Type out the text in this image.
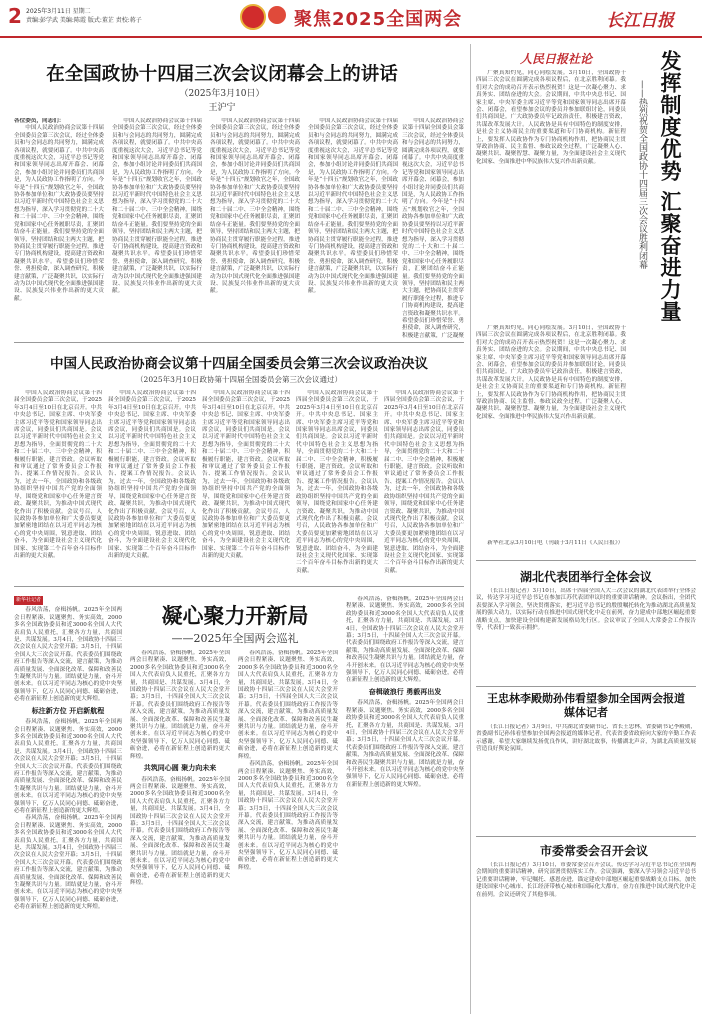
2 2025年3月11日 星期二
责编:彭学武 美编:陈霞 版式:董芷 责校:蒋子	聚焦2025全国两会	长江日报
在全国政协十四届三次会议闭幕会上的讲话
（2025年3月10日）
王沪宁

各位委员，同志们：

中国人民政治协商会议第十四届全国委员会第三次会议，经过全体委员和与会同志的共同努力，圆满完成各项议程，就要闭幕了。中共中央高度重视这次大会，习近平总书记等党和国家领导同志出席开幕会、闭幕会，参加小组讨论并同委员们共商国是，为人民政协工作指明了方向。今年是“十四五”规划收官之年，全国政协各参加单位和广大政协委员要坚持以习近平新时代中国特色社会主义思想为指导，深入学习贯彻党的二十大和二十届二中、三中全会精神，围绕党和国家中心任务履职尽责，汇聚团结奋斗正能量。我们要坚持党的全面领导，坚持团结和民主两大主题，把协商民主贯穿履行职能全过程，推进专门协商机构建设，提高建言资政和凝聚共识水平。希望委员们珍惜荣誉、勇担使命，深入调查研究，积极建言献策，广泛凝聚共识，以实际行动为以中国式现代化全面推进强国建设、民族复兴伟业作出新的更大贡献。

中国人民政治协商会议第十四届全国委员会第三次会议，经过全体委员和与会同志的共同努力，圆满完成各项议程，就要闭幕了。中共中央高度重视这次大会，习近平总书记等党和国家领导同志出席开幕会、闭幕会，参加小组讨论并同委员们共商国是，为人民政协工作指明了方向。今年是“十四五”规划收官之年，全国政协各参加单位和广大政协委员要坚持以习近平新时代中国特色社会主义思想为指导，深入学习贯彻党的二十大和二十届二中、三中全会精神，围绕党和国家中心任务履职尽责，汇聚团结奋斗正能量。我们要坚持党的全面领导，坚持团结和民主两大主题，把协商民主贯穿履行职能全过程，推进专门协商机构建设，提高建言资政和凝聚共识水平。希望委员们珍惜荣誉、勇担使命，深入调查研究，积极建言献策，广泛凝聚共识，以实际行动为以中国式现代化全面推进强国建设、民族复兴伟业作出新的更大贡献。

中国人民政治协商会议第十四届全国委员会第三次会议，经过全体委员和与会同志的共同努力，圆满完成各项议程，就要闭幕了。中共中央高度重视这次大会，习近平总书记等党和国家领导同志出席开幕会、闭幕会，参加小组讨论并同委员们共商国是，为人民政协工作指明了方向。今年是“十四五”规划收官之年，全国政协各参加单位和广大政协委员要坚持以习近平新时代中国特色社会主义思想为指导，深入学习贯彻党的二十大和二十届二中、三中全会精神，围绕党和国家中心任务履职尽责，汇聚团结奋斗正能量。我们要坚持党的全面领导，坚持团结和民主两大主题，把协商民主贯穿履行职能全过程，推进专门协商机构建设，提高建言资政和凝聚共识水平。希望委员们珍惜荣誉、勇担使命，深入调查研究，积极建言献策，广泛凝聚共识，以实际行动为以中国式现代化全面推进强国建设、民族复兴伟业作出新的更大贡献。

中国人民政治协商会议第十四届全国委员会第三次会议，经过全体委员和与会同志的共同努力，圆满完成各项议程，就要闭幕了。中共中央高度重视这次大会，习近平总书记等党和国家领导同志出席开幕会、闭幕会，参加小组讨论并同委员们共商国是，为人民政协工作指明了方向。今年是“十四五”规划收官之年，全国政协各参加单位和广大政协委员要坚持以习近平新时代中国特色社会主义思想为指导，深入学习贯彻党的二十大和二十届二中、三中全会精神，围绕党和国家中心任务履职尽责，汇聚团结奋斗正能量。我们要坚持党的全面领导，坚持团结和民主两大主题，把协商民主贯穿履行职能全过程，推进专门协商机构建设，提高建言资政和凝聚共识水平。希望委员们珍惜荣誉、勇担使命，深入调查研究，积极建言献策，广泛凝聚共识，以实际行动为以中国式现代化全面推进强国建设、民族复兴伟业作出新的更大贡献。

中国人民政治协商会议第十四届全国委员会第三次会议，经过全体委员和与会同志的共同努力，圆满完成各项议程，就要闭幕了。中共中央高度重视这次大会，习近平总书记等党和国家领导同志出席开幕会、闭幕会，参加小组讨论并同委员们共商国是，为人民政协工作指明了方向。今年是“十四五”规划收官之年，全国政协各参加单位和广大政协委员要坚持以习近平新时代中国特色社会主义思想为指导，深入学习贯彻党的二十大和二十届二中、三中全会精神，围绕党和国家中心任务履职尽责，汇聚团结奋斗正能量。我们要坚持党的全面领导，坚持团结和民主两大主题，把协商民主贯穿履行职能全过程，推进专门协商机构建设，提高建言资政和凝聚共识水平。希望委员们珍惜荣誉、勇担使命，深入调查研究，积极建言献策，广泛凝聚

中国人民政治协商会议第十四届全国委员会第三次会议政治决议
（2025年3月10日政协第十四届全国委员会第三次会议通过）

中国人民政治协商会议第十四届全国委员会第三次会议，于2025年3月4日至10日在北京召开。中共中央总书记、国家主席、中央军委主席习近平等党和国家领导同志出席会议，同委员们共商国是。会议以习近平新时代中国特色社会主义思想为指导，全面贯彻党的二十大和二十届二中、三中全会精神，积极履行职能，建言资政。会议听取和审议通过了常务委员会工作报告、提案工作情况报告。会议认为，过去一年，全国政协和各级政协组织坚持中国共产党的全面领导，围绕党和国家中心任务建言资政、凝聚共识，为推动中国式现代化作出了积极贡献。会议号召，人民政协各参加单位和广大委员要更加紧密地团结在以习近平同志为核心的党中央周围，锐意进取、团结奋斗，为全面建设社会主义现代化国家、实现第二个百年奋斗目标作出新的更大贡献。

中国人民政治协商会议第十四届全国委员会第三次会议，于2025年3月4日至10日在北京召开。中共中央总书记、国家主席、中央军委主席习近平等党和国家领导同志出席会议，同委员们共商国是。会议以习近平新时代中国特色社会主义思想为指导，全面贯彻党的二十大和二十届二中、三中全会精神，积极履行职能，建言资政。会议听取和审议通过了常务委员会工作报告、提案工作情况报告。会议认为，过去一年，全国政协和各级政协组织坚持中国共产党的全面领导，围绕党和国家中心任务建言资政、凝聚共识，为推动中国式现代化作出了积极贡献。会议号召，人民政协各参加单位和广大委员要更加紧密地团结在以习近平同志为核心的党中央周围，锐意进取、团结奋斗，为全面建设社会主义现代化国家、实现第二个百年奋斗目标作出新的更大贡献。

中国人民政治协商会议第十四届全国委员会第三次会议，于2025年3月4日至10日在北京召开。中共中央总书记、国家主席、中央军委主席习近平等党和国家领导同志出席会议，同委员们共商国是。会议以习近平新时代中国特色社会主义思想为指导，全面贯彻党的二十大和二十届二中、三中全会精神，积极履行职能，建言资政。会议听取和审议通过了常务委员会工作报告、提案工作情况报告。会议认为，过去一年，全国政协和各级政协组织坚持中国共产党的全面领导，围绕党和国家中心任务建言资政、凝聚共识，为推动中国式现代化作出了积极贡献。会议号召，人民政协各参加单位和广大委员要更加紧密地团结在以习近平同志为核心的党中央周围，锐意进取、团结奋斗，为全面建设社会主义现代化国家、实现第二个百年奋斗目标作出新的更大贡献。

中国人民政治协商会议第十四届全国委员会第三次会议，于2025年3月4日至10日在北京召开。中共中央总书记、国家主席、中央军委主席习近平等党和国家领导同志出席会议，同委员们共商国是。会议以习近平新时代中国特色社会主义思想为指导，全面贯彻党的二十大和二十届二中、三中全会精神，积极履行职能，建言资政。会议听取和审议通过了常务委员会工作报告、提案工作情况报告。会议认为，过去一年，全国政协和各级政协组织坚持中国共产党的全面领导，围绕党和国家中心任务建言资政、凝聚共识，为推动中国式现代化作出了积极贡献。会议号召，人民政协各参加单位和广大委员要更加紧密地团结在以习近平同志为核心的党中央周围，锐意进取、团结奋斗，为全面建设社会主义现代化国家、实现第二个百年奋斗目标作出新的更大贡献。

中国人民政治协商会议第十四届全国委员会第三次会议，于2025年3月4日至10日在北京召开。中共中央总书记、国家主席、中央军委主席习近平等党和国家领导同志出席会议，同委员们共商国是。会议以习近平新时代中国特色社会主义思想为指导，全面贯彻党的二十大和二十届二中、三中全会精神，积极履行职能，建言资政。会议听取和审议通过了常务委员会工作报告、提案工作情况报告。会议认为，过去一年，全国政协和各级政协组织坚持中国共产党的全面领导，围绕党和国家中心任务建言资政、凝聚共识，为推动中国式现代化作出了积极贡献。会议号召，人民政协各参加单位和广大委员要更加紧密地团结在以习近平同志为核心的党中央周围，锐意进取、团结奋斗，为全面建设社会主义现代化国家、实现第二个百年奋斗目标作出新的更大贡献。

新华社记者

春风浩荡，奋楫扬帆。2025年全国两会日程紧凑、议题聚焦、务实高效，2000多名全国政协委员和近3000名全国人大代表肩负人民重托，汇聚各方力量，共商国是、共谋发展。3月4日，全国政协十四届三次会议在人民大会堂开幕；3月5日，十四届全国人大三次会议开幕。代表委员们围绕政府工作报告等深入交流，建言献策，为推动高质量发展、全面深化改革、保障和改善民生凝聚共识与力量。团结就是力量，奋斗开创未来。在以习近平同志为核心的党中央坚强领导下，亿万人民同心同德、砥砺奋进，必将在新征程上创造新的更大辉煌。

标注新方位 开启新航程

春风浩荡，奋楫扬帆。2025年全国两会日程紧凑、议题聚焦、务实高效，2000多名全国政协委员和近3000名全国人大代表肩负人民重托，汇聚各方力量，共商国是、共谋发展。3月4日，全国政协十四届三次会议在人民大会堂开幕；3月5日，十四届全国人大三次会议开幕。代表委员们围绕政府工作报告等深入交流，建言献策，为推动高质量发展、全面深化改革、保障和改善民生凝聚共识与力量。团结就是力量，奋斗开创未来。在以习近平同志为核心的党中央坚强领导下，亿万人民同心同德、砥砺奋进，必将在新征程上创造新的更大辉煌。

春风浩荡，奋楫扬帆。2025年全国两会日程紧凑、议题聚焦、务实高效，2000多名全国政协委员和近3000名全国人大代表肩负人民重托，汇聚各方力量，共商国是、共谋发展。3月4日，全国政协十四届三次会议在人民大会堂开幕；3月5日，十四届全国人大三次会议开幕。代表委员们围绕政府工作报告等深入交流，建言献策，为推动高质量发展、全面深化改革、保障和改善民生凝聚共识与力量。团结就是力量，奋斗开创未来。在以习近平同志为核心的党中央坚强领导下，亿万人民同心同德、砥砺奋进，必将在新征程上创造新的更大辉煌。

凝心聚力开新局
——2025年全国两会巡礼

春风浩荡，奋楫扬帆。2025年全国两会日程紧凑、议题聚焦、务实高效，2000多名全国政协委员和近3000名全国人大代表肩负人民重托，汇聚各方力量，共商国是、共谋发展。3月4日，全国政协十四届三次会议在人民大会堂开幕；3月5日，十四届全国人大三次会议开幕。代表委员们围绕政府工作报告等深入交流，建言献策，为推动高质量发展、全面深化改革、保障和改善民生凝聚共识与力量。团结就是力量，奋斗开创未来。在以习近平同志为核心的党中央坚强领导下，亿万人民同心同德、砥砺奋进，必将在新征程上创造新的更大辉煌。

共筑同心圆 聚力向未来

春风浩荡，奋楫扬帆。2025年全国两会日程紧凑、议题聚焦、务实高效，2000多名全国政协委员和近3000名全国人大代表肩负人民重托，汇聚各方力量，共商国是、共谋发展。3月4日，全国政协十四届三次会议在人民大会堂开幕；3月5日，十四届全国人大三次会议开幕。代表委员们围绕政府工作报告等深入交流，建言献策，为推动高质量发展、全面深化改革、保障和改善民生凝聚共识与力量。团结就是力量，奋斗开创未来。在以习近平同志为核心的党中央坚强领导下，亿万人民同心同德、砥砺奋进，必将在新征程上创造新的更大辉煌。

春风浩荡，奋楫扬帆。2025年全国两会日程紧凑、议题聚焦、务实高效，2000多名全国政协委员和近3000名全国人大代表肩负人民重托，汇聚各方力量，共商国是、共谋发展。3月4日，全国政协十四届三次会议在人民大会堂开幕；3月5日，十四届全国人大三次会议开幕。代表委员们围绕政府工作报告等深入交流，建言献策，为推动高质量发展、全面深化改革、保障和改善民生凝聚共识与力量。团结就是力量，奋斗开创未来。在以习近平同志为核心的党中央坚强领导下，亿万人民同心同德、砥砺奋进，必将在新征程上创造新的更大辉煌。

春风浩荡，奋楫扬帆。2025年全国两会日程紧凑、议题聚焦、务实高效，2000多名全国政协委员和近3000名全国人大代表肩负人民重托，汇聚各方力量，共商国是、共谋发展。3月4日，全国政协十四届三次会议在人民大会堂开幕；3月5日，十四届全国人大三次会议开幕。代表委员们围绕政府工作报告等深入交流，建言献策，为推动高质量发展、全面深化改革、保障和改善民生凝聚共识与力量。团结就是力量，奋斗开创未来。在以习近平同志为核心的党中央坚强领导下，亿万人民同心同德、砥砺奋进，必将在新征程上创造新的更大辉煌。

春风浩荡，奋楫扬帆。2025年全国两会日程紧凑、议题聚焦、务实高效，2000多名全国政协委员和近3000名全国人大代表肩负人民重托，汇聚各方力量，共商国是、共谋发展。3月4日，全国政协十四届三次会议在人民大会堂开幕；3月5日，十四届全国人大三次会议开幕。代表委员们围绕政府工作报告等深入交流，建言献策，为推动高质量发展、全面深化改革、保障和改善民生凝聚共识与力量。团结就是力量，奋斗开创未来。在以习近平同志为核心的党中央坚强领导下，亿万人民同心同德、砥砺奋进，必将在新征程上创造新的更大辉煌。

奋楫破浪行 勇毅再出发

春风浩荡，奋楫扬帆。2025年全国两会日程紧凑、议题聚焦、务实高效，2000多名全国政协委员和近3000名全国人大代表肩负人民重托，汇聚各方力量，共商国是、共谋发展。3月4日，全国政协十四届三次会议在人民大会堂开幕；3月5日，十四届全国人大三次会议开幕。代表委员们围绕政府工作报告等深入交流，建言献策，为推动高质量发展、全面深化改革、保障和改善民生凝聚共识与力量。团结就是力量，奋斗开创未来。在以习近平同志为核心的党中央坚强领导下，亿万人民同心同德、砥砺奋进，必将在新征程上创造新的更大辉煌。

人民日报社论	发挥制度优势 汇聚奋进力量
——热烈祝贺全国政协十四届三次会议胜利闭幕

广聚真知灼见，同心同绘发展。3月10日，全国政协十四届三次会议在圆满完成各项议程后，在北京胜利闭幕。我们对大会的成功召开表示热烈祝贺！这是一次凝心聚力、求真务实、团结奋进的大会。会议期间，中共中央总书记、国家主席、中央军委主席习近平等党和国家领导同志出席开幕会、闭幕会，看望参加会议的委员并参加联组讨论，同委员们共商国是。广大政协委员牢记政治责任，积极建言资政，共谋改革发展大计。人民政协是具有中国特色的制度安排，是社会主义协商民主的重要渠道和专门协商机构。新征程上，要发挥人民政协作为专门协商机构作用，把协商民主贯穿政治协商、民主监督、参政议政全过程，广泛凝聚人心、凝聚共识、凝聚智慧、凝聚力量，为全面建设社会主义现代化国家、全面推进中华民族伟大复兴作出新贡献。

广聚真知灼见，同心同绘发展。3月10日，全国政协十四届三次会议在圆满完成各项议程后，在北京胜利闭幕。我们对大会的成功召开表示热烈祝贺！这是一次凝心聚力、求真务实、团结奋进的大会。会议期间，中共中央总书记、国家主席、中央军委主席习近平等党和国家领导同志出席开幕会、闭幕会，看望参加会议的委员并参加联组讨论，同委员们共商国是。广大政协委员牢记政治责任，积极建言资政，共谋改革发展大计。人民政协是具有中国特色的制度安排，是社会主义协商民主的重要渠道和专门协商机构。新征程上，要发挥人民政协作为专门协商机构作用，把协商民主贯穿政治协商、民主监督、参政议政全过程，广泛凝聚人心、凝聚共识、凝聚智慧、凝聚力量，为全面建设社会主义现代化国家、全面推进中华民族伟大复兴作出新贡献。

新华社北京3月10日电（刊载于3月11日《人民日报》）

湖北代表团举行全体会议

（长江日报记者）3月10日，出席十四届全国人大三次会议的湖北代表团举行全体会议，传达学习习近平总书记在参加江苏代表团审议时的重要讲话精神。会议指出，全团代表要深入学习领会，坚决贯彻落实，把习近平总书记的殷殷嘱托转化为推动湖北高质量发展的强大动力，以实际行动在推进中国式现代化中走在前列，奋力建成中部地区崛起重要战略支点，加快建设全国构建新发展格局先行区。会议审议了全国人大常委会工作报告等，代表们一致表示拥护。

王忠林李殿勋孙伟看望参加全国两会报道媒体记者

（长江日报记者）3月9日，中共湖北省委副书记、省长王忠林，省委副书记李殿勋，省委副书记孙伟看望参加全国两会报道的媒体记者，代表省委省政府向大家的辛勤工作表示感谢，希望大家继续发扬优良作风，讲好湖北故事，传播湖北声音，为湖北高质量发展营造良好舆论氛围。

市委常委会召开会议

（长江日报记者）3月10日，市委常委会召开会议，传达学习习近平总书记在全国两会期间的重要讲话精神，研究部署贯彻落实工作。会议强调，要深入学习领会习近平总书记重要讲话精神，牢记嘱托、感恩奋进，锚定建成中部地区崛起重要战略支点目标，加快建设国家中心城市、长江经济带核心城市和国际化大都市，奋力在推进中国式现代化中走在前列。会议还研究了其他事项。
